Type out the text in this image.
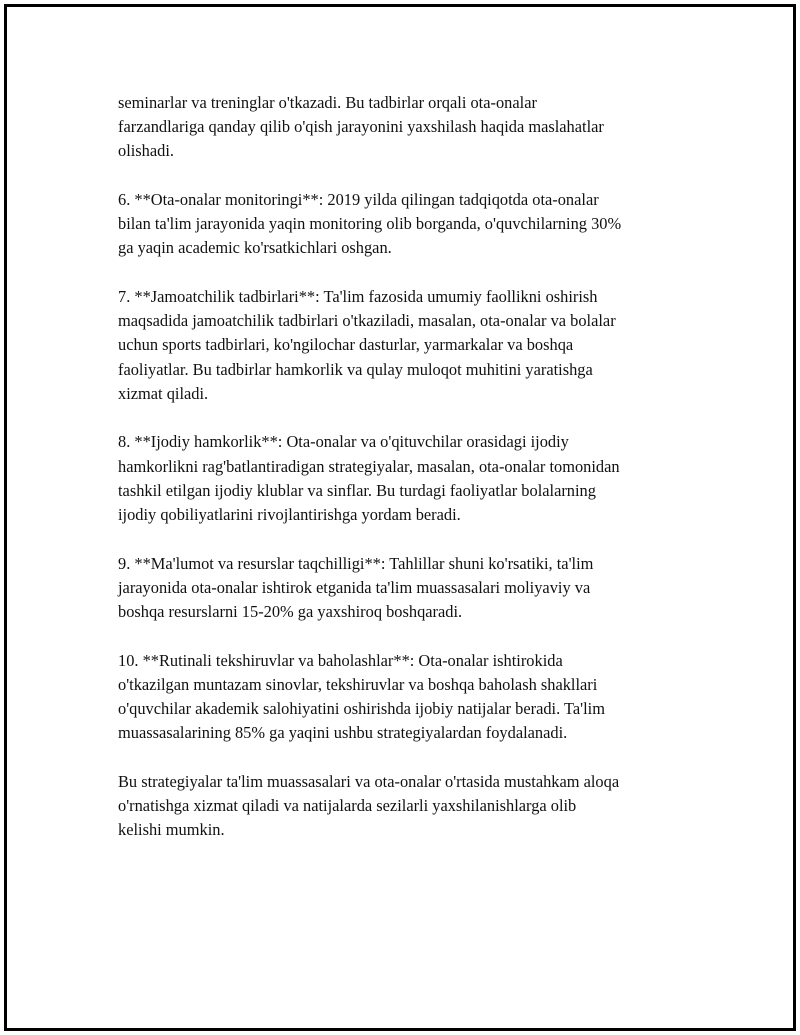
seminarlar va treninglar o'tkazadi. Bu tadbirlar orqali ota-onalar
farzandlariga qanday qilib o'qish jarayonini yaxshilash haqida maslahatlar
olishadi.

6. **Ota-onalar monitoringi**: 2019 yilda qilingan tadqiqotda ota-onalar
bilan ta'lim jarayonida yaqin monitoring olib borganda, o'quvchilarning 30%
ga yaqin academic ko'rsatkichlari oshgan.

7. **Jamoatchilik tadbirlari**: Ta'lim fazosida umumiy faollikni oshirish
maqsadida jamoatchilik tadbirlari o'tkaziladi, masalan, ota-onalar va bolalar
uchun sports tadbirlari, ko'ngilochar dasturlar, yarmarkalar va boshqa
faoliyatlar. Bu tadbirlar hamkorlik va qulay muloqot muhitini yaratishga
xizmat qiladi.

8. **Ijodiy hamkorlik**: Ota-onalar va o'qituvchilar orasidagi ijodiy
hamkorlikni rag'batlantiradigan strategiyalar, masalan, ota-onalar tomonidan
tashkil etilgan ijodiy klublar va sinflar. Bu turdagi faoliyatlar bolalarning
ijodiy qobiliyatlarini rivojlantirishga yordam beradi.

9. **Ma'lumot va resurslar taqchilligi**: Tahlillar shuni ko'rsatiki, ta'lim
jarayonida ota-onalar ishtirok etganida ta'lim muassasalari moliyaviy va
boshqa resurslarni 15-20% ga yaxshiroq boshqaradi.

10. **Rutinali tekshiruvlar va baholashlar**: Ota-onalar ishtirokida
o'tkazilgan muntazam sinovlar, tekshiruvlar va boshqa baholash shakllari
o'quvchilar akademik salohiyatini oshirishda ijobiy natijalar beradi. Ta'lim
muassasalarining 85% ga yaqini ushbu strategiyalardan foydalanadi.

Bu strategiyalar ta'lim muassasalari va ota-onalar o'rtasida mustahkam aloqa
o'rnatishga xizmat qiladi va natijalarda sezilarli yaxshilanishlarga olib
kelishi mumkin.
